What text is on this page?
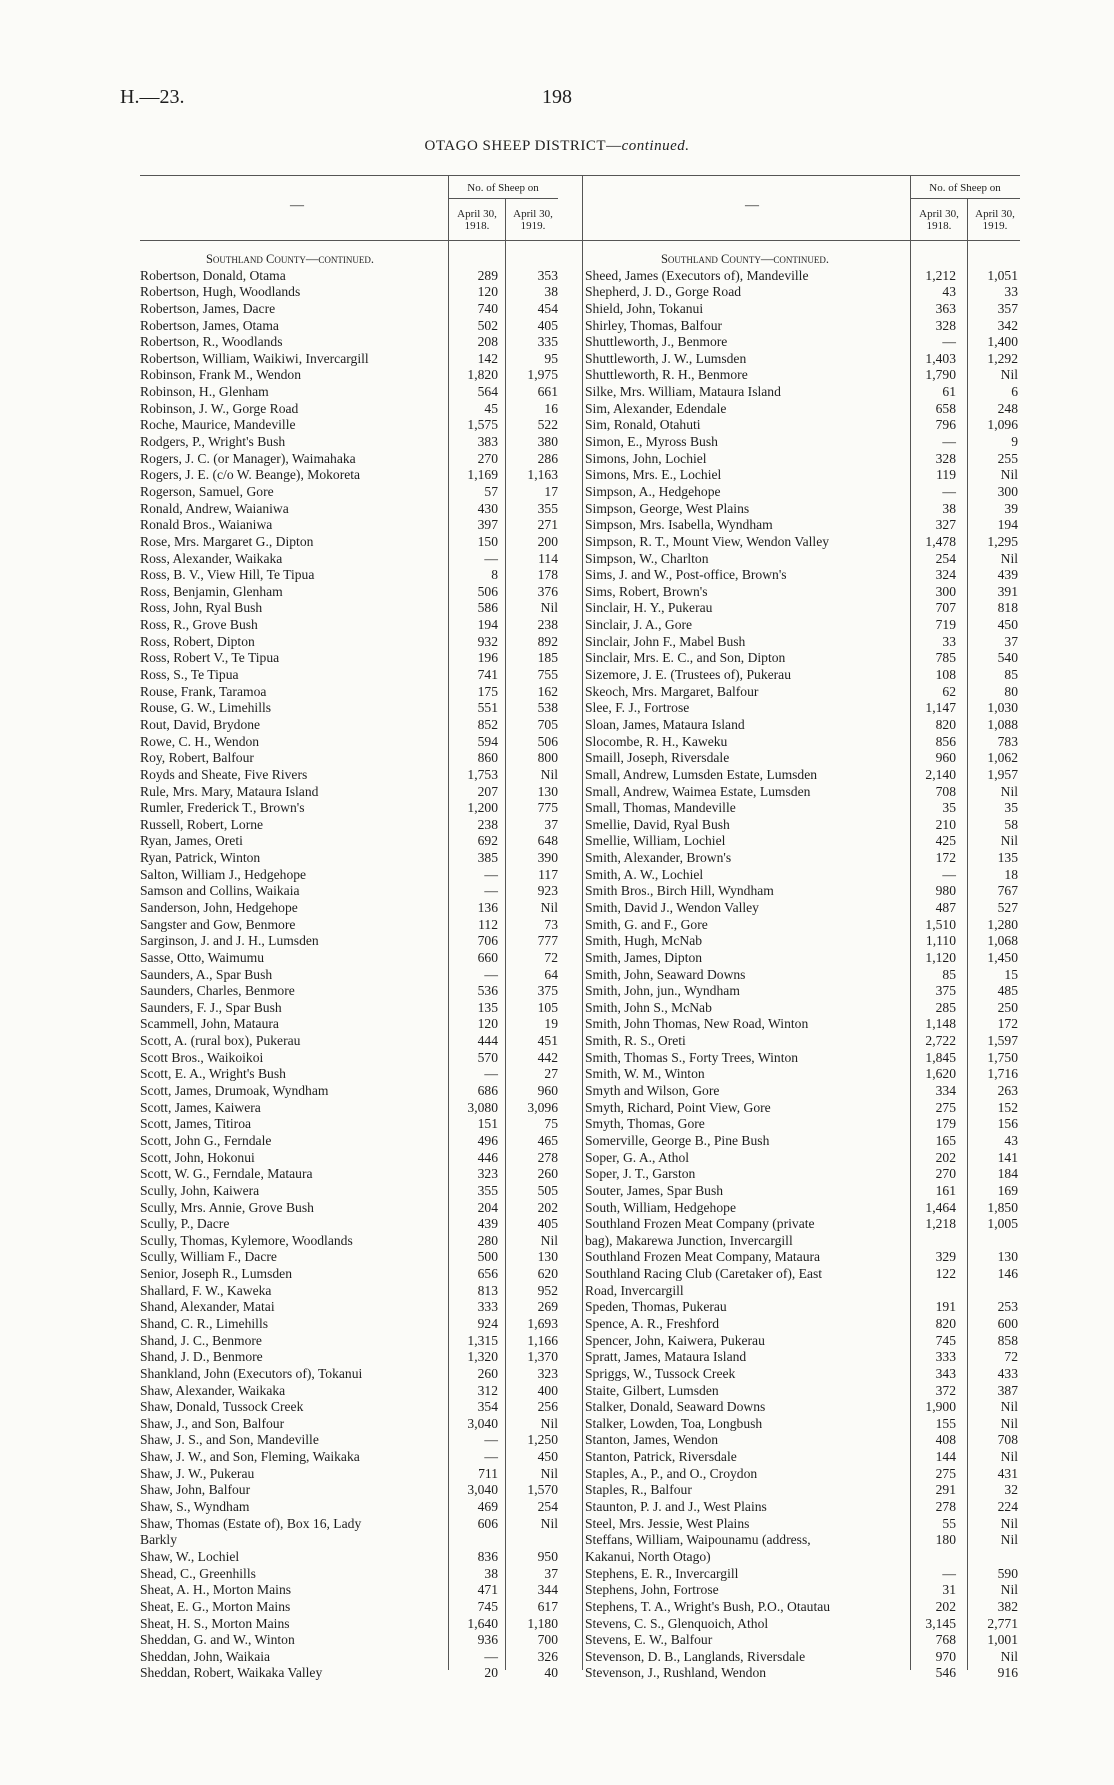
H.—23.	198
OTAGO SHEEP DISTRICT—continued.
—
No. of Sheep on
April 30, 1918.
April 30, 1919.
—
No. of Sheep on
April 30, 1918.
April 30, 1919.
Southland County—continued.
Robertson, Donald, Otama	289	353
Robertson, Hugh, Woodlands	120	38
Robertson, James, Dacre	740	454
Robertson, James, Otama	502	405
Robertson, R., Woodlands	208	335
Robertson, William, Waikiwi, Invercargill	142	95
Robinson, Frank M., Wendon	1,820 1,975
Robinson, H., Glenham	564	661
Robinson, J. W., Gorge Road	45	16
Roche, Maurice, Mandeville	1,575	522
Rodgers, P., Wright's Bush	383	380
Rogers, J. C. (or Manager), Waimahaka	270	286
Rogers, J. E. (c/o W. Beange), Mokoreta	1,169 1,163
Rogerson, Samuel, Gore	57	17
Ronald, Andrew, Waianiwa	430	355
Ronald Bros., Waianiwa	397	271
Rose, Mrs. Margaret G., Dipton	150	200
Ross, Alexander, Waikaka	—	114
Ross, B. V., View Hill, Te Tipua	8	178
Ross, Benjamin, Glenham	506	376
Ross, John, Ryal Bush	586	Nil
Ross, R., Grove Bush	194	238
Ross, Robert, Dipton	932	892
Ross, Robert V., Te Tipua	196	185
Ross, S., Te Tipua	741	755
Rouse, Frank, Taramoa	175	162
Rouse, G. W., Limehills	551	538
Rout, David, Brydone	852	705
Rowe, C. H., Wendon	594	506
Roy, Robert, Balfour	860	800
Royds and Sheate, Five Rivers	1,753	Nil
Rule, Mrs. Mary, Mataura Island	207	130
Rumler, Frederick T., Brown's	1,200	775
Russell, Robert, Lorne	238	37
Ryan, James, Oreti	692	648
Ryan, Patrick, Winton	385	390
Salton, William J., Hedgehope	—	117
Samson and Collins, Waikaia	—	923
Sanderson, John, Hedgehope	136	Nil
Sangster and Gow, Benmore	112	73
Sarginson, J. and J. H., Lumsden	706	777
Sasse, Otto, Waimumu	660	72
Saunders, A., Spar Bush	—	64
Saunders, Charles, Benmore	536	375
Saunders, F. J., Spar Bush	135	105
Scammell, John, Mataura	120	19
Scott, A. (rural box), Pukerau	444	451
Scott Bros., Waikoikoi	570	442
Scott, E. A., Wright's Bush	—	27
Scott, James, Drumoak, Wyndham	686	960
Scott, James, Kaiwera	3,080 3,096
Scott, James, Titiroa	151	75
Scott, John G., Ferndale	496	465
Scott, John, Hokonui	446	278
Scott, W. G., Ferndale, Mataura	323	260
Scully, John, Kaiwera	355	505
Scully, Mrs. Annie, Grove Bush	204	202
Scully, P., Dacre	439	405
Scully, Thomas, Kylemore, Woodlands	280	Nil
Scully, William F., Dacre	500	130
Senior, Joseph R., Lumsden	656	620
Shallard, F. W., Kaweka	813	952
Shand, Alexander, Matai	333	269
Shand, C. R., Limehills	924 1,693
Shand, J. C., Benmore	1,315 1,166
Shand, J. D., Benmore	1,320 1,370
Shankland, John (Executors of), Tokanui	260	323
Shaw, Alexander, Waikaka	312	400
Shaw, Donald, Tussock Creek	354	256
Shaw, J., and Son, Balfour	3,040	Nil
Shaw, J. S., and Son, Mandeville	— 1,250
Shaw, J. W., and Son, Fleming, Waikaka	—	450
Shaw, J. W., Pukerau	711	Nil
Shaw, John, Balfour	3,040 1,570
Shaw, S., Wyndham	469	254
Shaw, Thomas (Estate of), Box 16, Lady	606	Nil
Barkly
Shaw, W., Lochiel	836	950
Shead, C., Greenhills	38	37
Sheat, A. H., Morton Mains	471	344
Sheat, E. G., Morton Mains	745	617
Sheat, H. S., Morton Mains	1,640 1,180
Sheddan, G. and W., Winton	936	700
Sheddan, John, Waikaia	—	326
Sheddan, Robert, Waikaka Valley	20	40
Southland County—continued.
Sheed, James (Executors of), Mandeville	1,212 1,051
Shepherd, J. D., Gorge Road	43	33
Shield, John, Tokanui	363	357
Shirley, Thomas, Balfour	328	342
Shuttleworth, J., Benmore	— 1,400
Shuttleworth, J. W., Lumsden	1,403 1,292
Shuttleworth, R. H., Benmore	1,790	Nil
Silke, Mrs. William, Mataura Island	61	6
Sim, Alexander, Edendale	658	248
Sim, Ronald, Otahuti	796 1,096
Simon, E., Myross Bush	—	9
Simons, John, Lochiel	328	255
Simons, Mrs. E., Lochiel	119	Nil
Simpson, A., Hedgehope	—	300
Simpson, George, West Plains	38	39
Simpson, Mrs. Isabella, Wyndham	327	194
Simpson, R. T., Mount View, Wendon Valley	1,478 1,295
Simpson, W., Charlton	254	Nil
Sims, J. and W., Post-office, Brown's	324	439
Sims, Robert, Brown's	300	391
Sinclair, H. Y., Pukerau	707	818
Sinclair, J. A., Gore	719	450
Sinclair, John F., Mabel Bush	33	37
Sinclair, Mrs. E. C., and Son, Dipton	785	540
Sizemore, J. E. (Trustees of), Pukerau	108	85
Skeoch, Mrs. Margaret, Balfour	62	80
Slee, F. J., Fortrose	1,147 1,030
Sloan, James, Mataura Island	820 1,088
Slocombe, R. H., Kaweku	856	783
Smaill, Joseph, Riversdale	960 1,062
Small, Andrew, Lumsden Estate, Lumsden	2,140 1,957
Small, Andrew, Waimea Estate, Lumsden	708	Nil
Small, Thomas, Mandeville	35	35
Smellie, David, Ryal Bush	210	58
Smellie, William, Lochiel	425	Nil
Smith, Alexander, Brown's	172	135
Smith, A. W., Lochiel	—	18
Smith Bros., Birch Hill, Wyndham	980	767
Smith, David J., Wendon Valley	487	527
Smith, G. and F., Gore	1,510 1,280
Smith, Hugh, McNab	1,110 1,068
Smith, James, Dipton	1,120 1,450
Smith, John, Seaward Downs	85	15
Smith, John, jun., Wyndham	375	485
Smith, John S., McNab	285	250
Smith, John Thomas, New Road, Winton	1,148	172
Smith, R. S., Oreti	2,722 1,597
Smith, Thomas S., Forty Trees, Winton	1,845 1,750
Smith, W. M., Winton	1,620 1,716
Smyth and Wilson, Gore	334	263
Smyth, Richard, Point View, Gore	275	152
Smyth, Thomas, Gore	179	156
Somerville, George B., Pine Bush	165	43
Soper, G. A., Athol	202	141
Soper, J. T., Garston	270	184
Souter, James, Spar Bush	161	169
South, William, Hedgehope	1,464 1,850
Southland Frozen Meat Company (private	1,218 1,005
bag), Makarewa Junction, Invercargill
Southland Frozen Meat Company, Mataura	329	130
Southland Racing Club (Caretaker of), East	122	146
Road, Invercargill
Speden, Thomas, Pukerau	191	253
Spence, A. R., Freshford	820	600
Spencer, John, Kaiwera, Pukerau	745	858
Spratt, James, Mataura Island	333	72
Spriggs, W., Tussock Creek	343	433
Staite, Gilbert, Lumsden	372	387
Stalker, Donald, Seaward Downs	1,900	Nil
Stalker, Lowden, Toa, Longbush	155	Nil
Stanton, James, Wendon	408	708
Stanton, Patrick, Riversdale	144	Nil
Staples, A., P., and O., Croydon	275	431
Staples, R., Balfour	291	32
Staunton, P. J. and J., West Plains	278	224
Steel, Mrs. Jessie, West Plains	55	Nil
Steffans, William, Waipounamu (address,	180	Nil
Kakanui, North Otago)
Stephens, E. R., Invercargill	—	590
Stephens, John, Fortrose	31	Nil
Stephens, T. A., Wright's Bush, P.O., Otautau	202	382
Stevens, C. S., Glenquoich, Athol	3,145 2,771
Stevens, E. W., Balfour	768 1,001
Stevenson, D. B., Langlands, Riversdale	970	Nil
Stevenson, J., Rushland, Wendon	546	916
